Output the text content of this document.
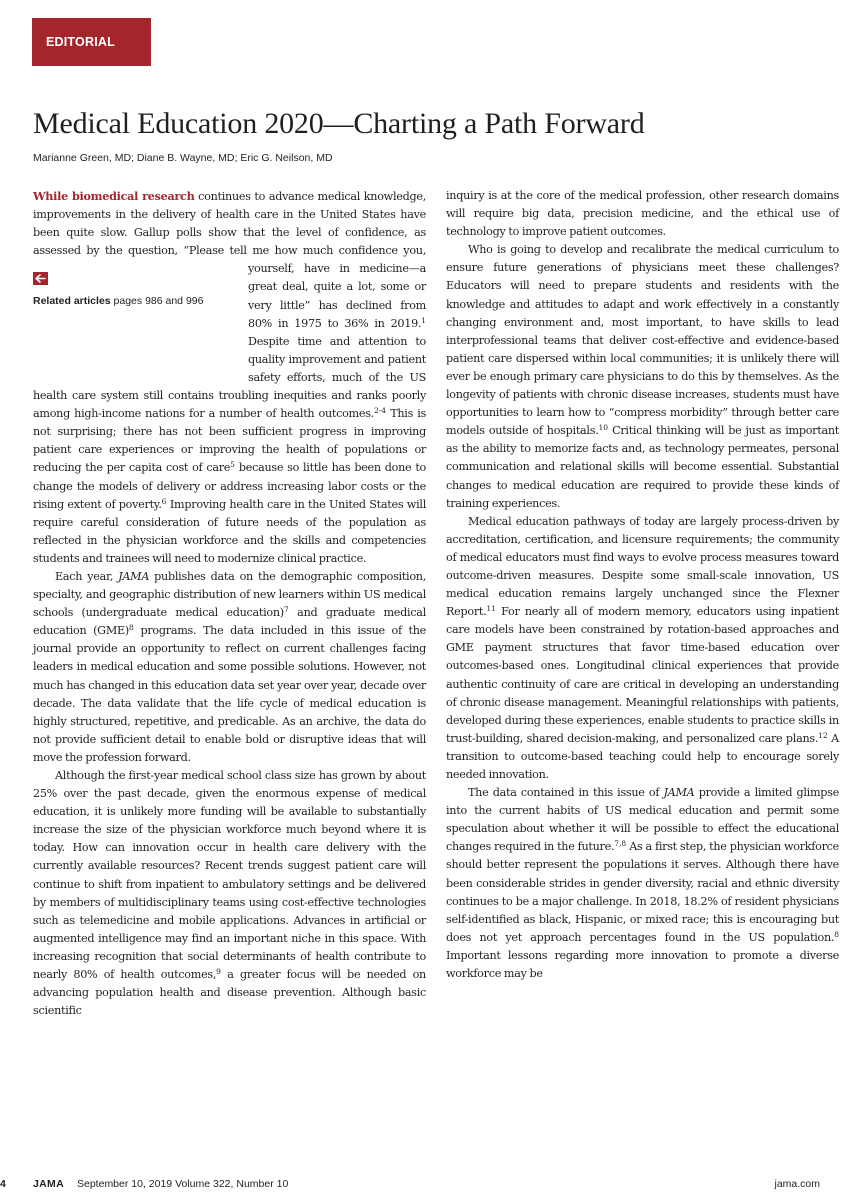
EDITORIAL
Medical Education 2020—Charting a Path Forward
Marianne Green, MD; Diane B. Wayne, MD; Eric G. Neilson, MD

While biomedical research continues to advance medical knowledge, improvements in the delivery of health care in the United States have been quite slow. Gallup polls show that the level of confidence, as assessed by the question, “Please tell
Related articles pages 986 and 996
me how much confidence you, yourself, have in medicine—a great deal, quite a lot, some or very little” has declined from 80% in 1975 to 36% in 2019.$^1$ Despite time and attention to quality improvement and patient safety efforts, much of the US health care system still contains troubling inequities and ranks poorly among high-income nations for a number of health outcomes.$^{2-4}$ This is not surprising; there has not been sufficient progress in improving patient care experiences or improving the health of populations or reducing the per capita cost of care$^5$ because so little has been done to change the models of delivery or address increasing labor costs or the rising extent of poverty.$^6$ Improving health care in the United States will require careful consideration of future needs of the population as reflected in the physician workforce and the skills and competencies students and trainees will need to modernize clinical practice.

Each year, JAMA publishes data on the demographic composition, specialty, and geographic distribution of new learners within US medical schools (undergraduate medical education)$^7$ and graduate medical education (GME)$^8$ programs. The data included in this issue of the journal provide an opportunity to reflect on current challenges facing leaders in medical education and some possible solutions. However, not much has changed in this education data set year over year, decade over decade. The data validate that the life cycle of medical education is highly structured, repetitive, and predicable. As an archive, the data do not provide sufficient detail to enable bold or disruptive ideas that will move the profession forward.

Although the first-year medical school class size has grown by about 25% over the past decade, given the enormous expense of medical education, it is unlikely more funding will be available to substantially increase the size of the physician workforce much beyond where it is today. How can innovation occur in health care delivery with the currently available resources? Recent trends suggest patient care will continue to shift from inpatient to ambulatory settings and be delivered by members of multidisciplinary teams using cost-effective technologies such as telemedicine and mobile applications. Advances in artificial or augmented intelligence may find an important niche in this space. With increasing recognition that social determinants of health contribute to nearly 80% of health outcomes,$^9$ a greater focus will be needed on advancing population health and disease prevention. Although basic scientific

inquiry is at the core of the medical profession, other research domains will require big data, precision medicine, and the ethical use of technology to improve patient outcomes.

Who is going to develop and recalibrate the medical curriculum to ensure future generations of physicians meet these challenges? Educators will need to prepare students and residents with the knowledge and attitudes to adapt and work effectively in a constantly changing environment and, most important, to have skills to lead interprofessional teams that deliver cost-effective and evidence-based patient care dispersed within local communities; it is unlikely there will ever be enough primary care physicians to do this by themselves. As the longevity of patients with chronic disease increases, students must have opportunities to learn how to “compress morbidity” through better care models outside of hospitals.$^{10}$ Critical thinking will be just as important as the ability to memorize facts and, as technology permeates, personal communication and relational skills will become essential. Substantial changes to medical education are required to provide these kinds of training experiences.

Medical education pathways of today are largely process-driven by accreditation, certification, and licensure requirements; the community of medical educators must find ways to evolve process measures toward outcome-driven measures. Despite some small-scale innovation, US medical education remains largely unchanged since the Flexner Report.$^{11}$ For nearly all of modern memory, educators using inpatient care models have been constrained by rotation-based approaches and GME payment structures that favor time-based education over outcomes-based ones. Longitudinal clinical experiences that provide authentic continuity of care are critical in developing an understanding of chronic disease management. Meaningful relationships with patients, developed during these experiences, enable students to practice skills in trust-building, shared decision-making, and personalized care plans.$^{12}$ A transition to outcome-based teaching could help to encourage sorely needed innovation.

The data contained in this issue of JAMA provide a limited glimpse into the current habits of US medical education and permit some speculation about whether it will be possible to effect the educational changes required in the future.$^{7,8}$ As a first step, the physician workforce should better represent the populations it serves. Although there have been considerable strides in gender diversity, racial and ethnic diversity continues to be a major challenge. In 2018, 18.2% of resident physicians self-identified as black, Hispanic, or mixed race; this is encouraging but does not yet approach percentages found in the US population.$^8$ Important lessons regarding more innovation to promote a diverse workforce may be

4	JAMA September 10, 2019 Volume 322, Number 10	jama.com
